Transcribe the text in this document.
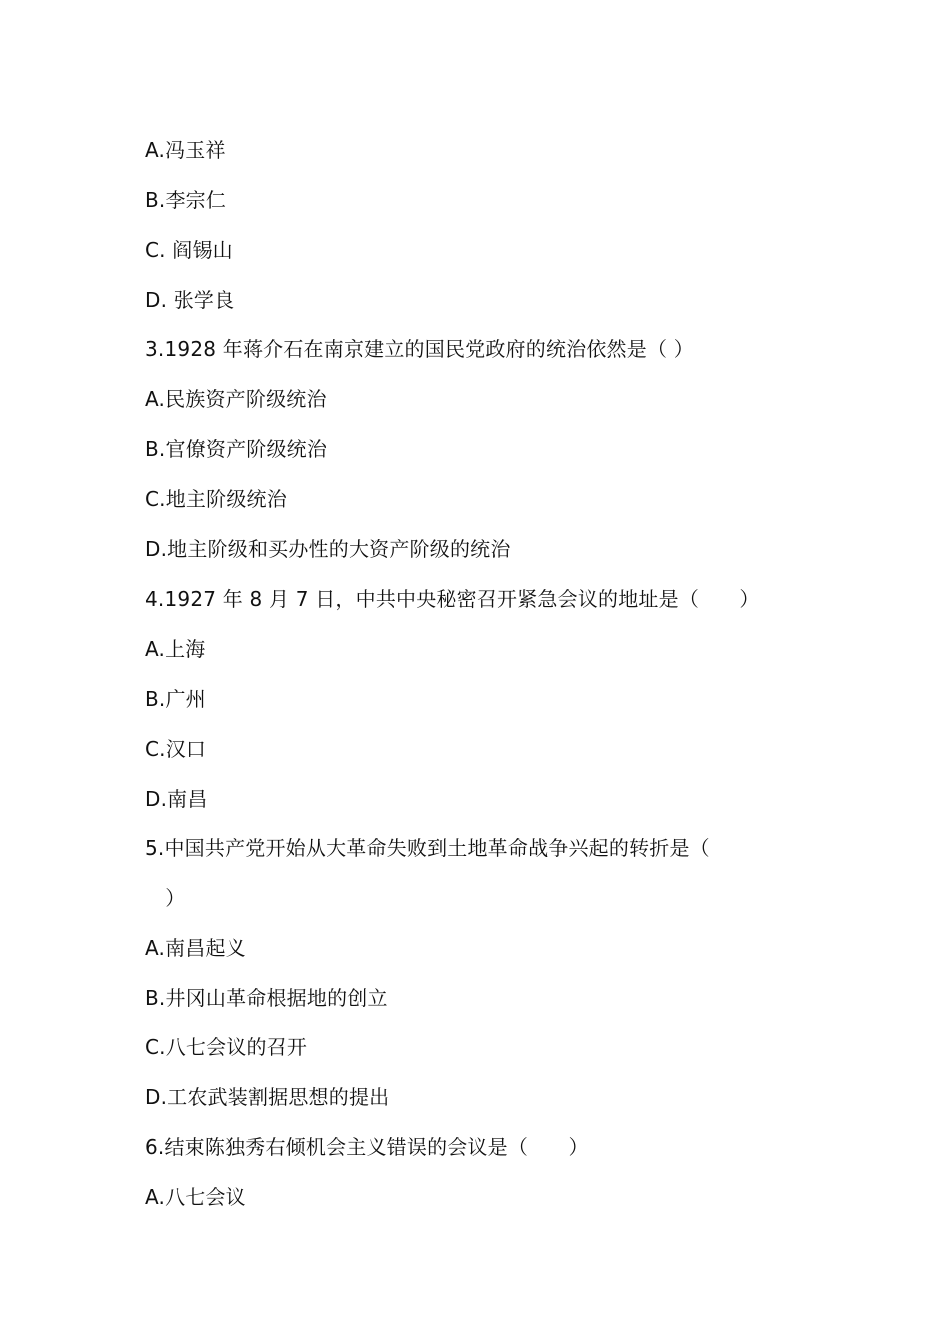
A.冯玉祥
B.李宗仁
C. 阎锡山
D. 张学良
3.1928 年蒋介石在南京建立的国民党政府的统治依然是（ ）
A.民族资产阶级统治
B.官僚资产阶级统治
C.地主阶级统治
D.地主阶级和买办性的大资产阶级的统治
4.1927 年 8 月 7 日，中共中央秘密召开紧急会议的地址是（　　）
A.上海
B.广州
C.汉口
D.南昌
5.中国共产党开始从大革命失败到土地革命战争兴起的转折是（
　）
A.南昌起义
B.井冈山革命根据地的创立
C.八七会议的召开
D.工农武装割据思想的提出
6.结束陈独秀右倾机会主义错误的会议是（　　）
A.八七会议
